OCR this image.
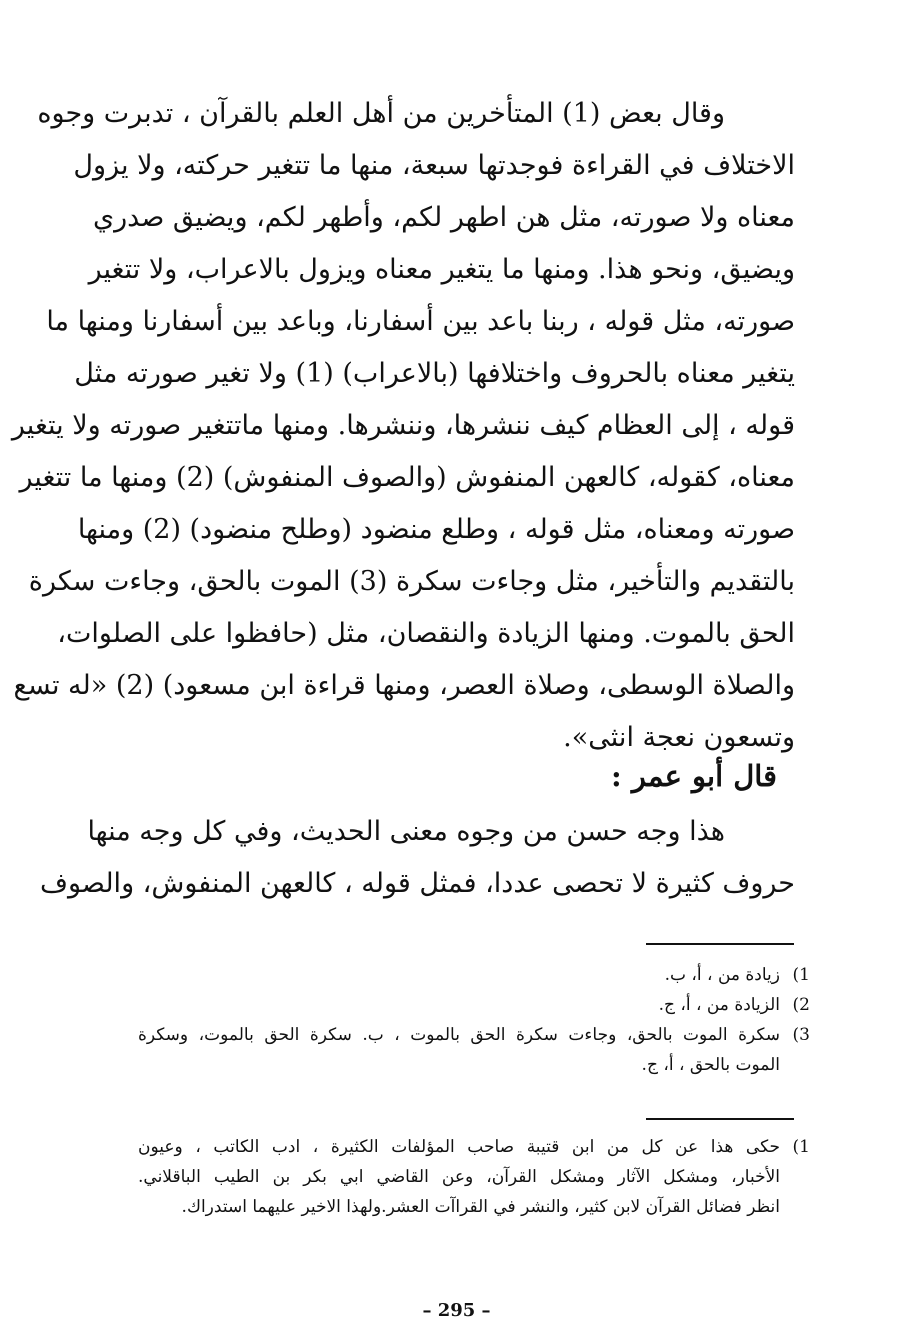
وقال بعض (1) المتأخرين من أهل العلم بالقرآن ، تدبرت وجوه
الاختلاف في القراءة فوجدتها سبعة، منها ما تتغير حركته، ولا يزول
معناه ولا صورته، مثل هن اطهر لكم، وأطهر لكم، ويضيق صدري
ويضيق، ونحو هذا. ومنها ما يتغير معناه ويزول بالاعراب، ولا تتغير
صورته، مثل قوله ، ربنا باعد بين أسفارنا، وباعد بين أسفارنا ومنها ما
يتغير معناه بالحروف واختلافها (بالاعراب) (1) ولا تغير صورته مثل
قوله ، إلى العظام كيف ننشرها، وننشرها. ومنها ماتتغير صورته ولا يتغير
معناه، كقوله، كالعهن المنفوش (والصوف المنفوش) (2) ومنها ما تتغير
صورته ومعناه، مثل قوله ، وطلع منضود (وطلح منضود) (2) ومنها
بالتقديم والتأخير، مثل وجاءت سكرة (3) الموت بالحق، وجاءت سكرة
الحق بالموت. ومنها الزيادة والنقصان، مثل (حافظوا على الصلوات،
والصلاة الوسطى، وصلاة العصر، ومنها قراءة ابن مسعود) (2) «له تسع
وتسعون نعجة انثى».
قال أبو عمر :
هذا وجه حسن من وجوه معنى الحديث، وفي كل وجه منها
حروف كثيرة لا تحصى عددا، فمثل قوله ، كالعهن المنفوش، والصوف
1)
زيادة من ، أ، ب.
2)
الزيادة من ، أ، ج.
3)
سكرة الموت بالحق، وجاءت سكرة الحق بالموت ، ب. سكرة الحق بالموت، وسكرة
الموت بالحق ، أ، ج.
1)
حكى هذا عن كل من ابن قتيبة صاحب المؤلفات الكثيرة ، ادب الكاتب ، وعيون
الأخبار، ومشكل الآثار ومشكل القرآن، وعن القاضي ابي بكر بن الطيب الباقلاني.
انظر فضائل القرآن لابن كثير، والنشر في القراآت العشر.ولهذا الاخير عليهما استدراك.
– 295 –
